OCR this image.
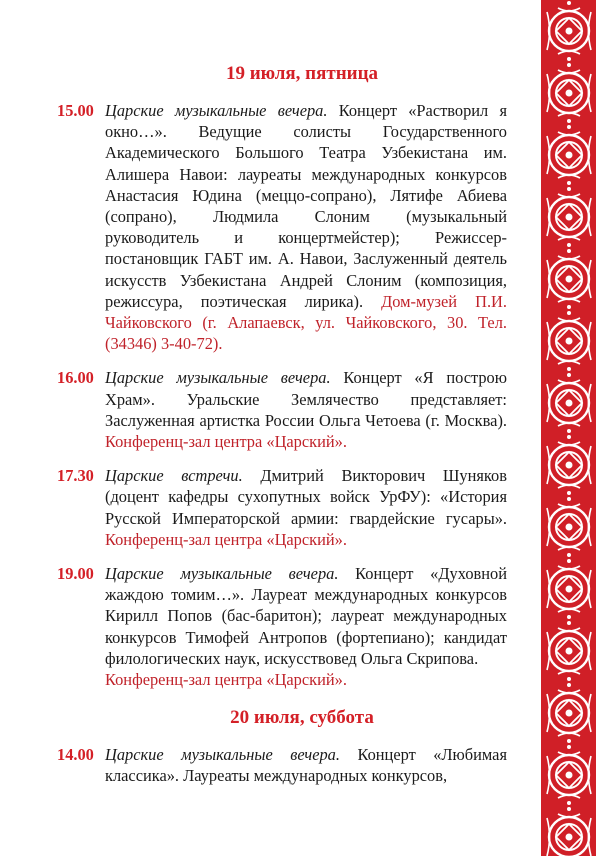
19 июля, пятница

15.00 Царские музыкальные вечера. Концерт «Растворил я окно…». Ведущие солисты Государственного Академического Большого Театра Узбекистана им. Алишера Навои: лауреаты международных конкурсов Анастасия Юдина (меццо-сопрано), Лятифе Абиева (сопрано), Людмила Слоним (музыкальный руководитель и концертмейстер); Режиссер-постановщик ГАБТ им. А. Навои, Заслуженный деятель искусств Узбекистана Андрей Слоним (композиция, режиссура, поэтическая лирика). Дом-музей П.И. Чайковского (г. Алапаевск, ул. Чайковского, 30. Тел. (34346) 3-40-72).

16.00 Царские музыкальные вечера. Концерт «Я построю Храм». Уральские Землячество представляет: Заслуженная артистка России Ольга Четоева (г. Москва). Конференц-зал центра «Царский».

17.30 Царские встречи. Дмитрий Викторович Шуняков (доцент кафедры сухопутных войск УрФУ): «История Русской Императорской армии: гвардейские гусары». Конференц-зал центра «Царский».

19.00 Царские музыкальные вечера. Концерт «Духовной жаждою томим…». Лауреат международных конкурсов Кирилл Попов (бас-баритон); лауреат международных конкурсов Тимофей Антропов (фортепиано); кандидат филологических наук, искусствовед Ольга Скрипова.
Конференц-зал центра «Царский».

20 июля, суббота

14.00 Царские музыкальные вечера. Концерт «Любимая классика». Лауреаты международных конкурсов,
